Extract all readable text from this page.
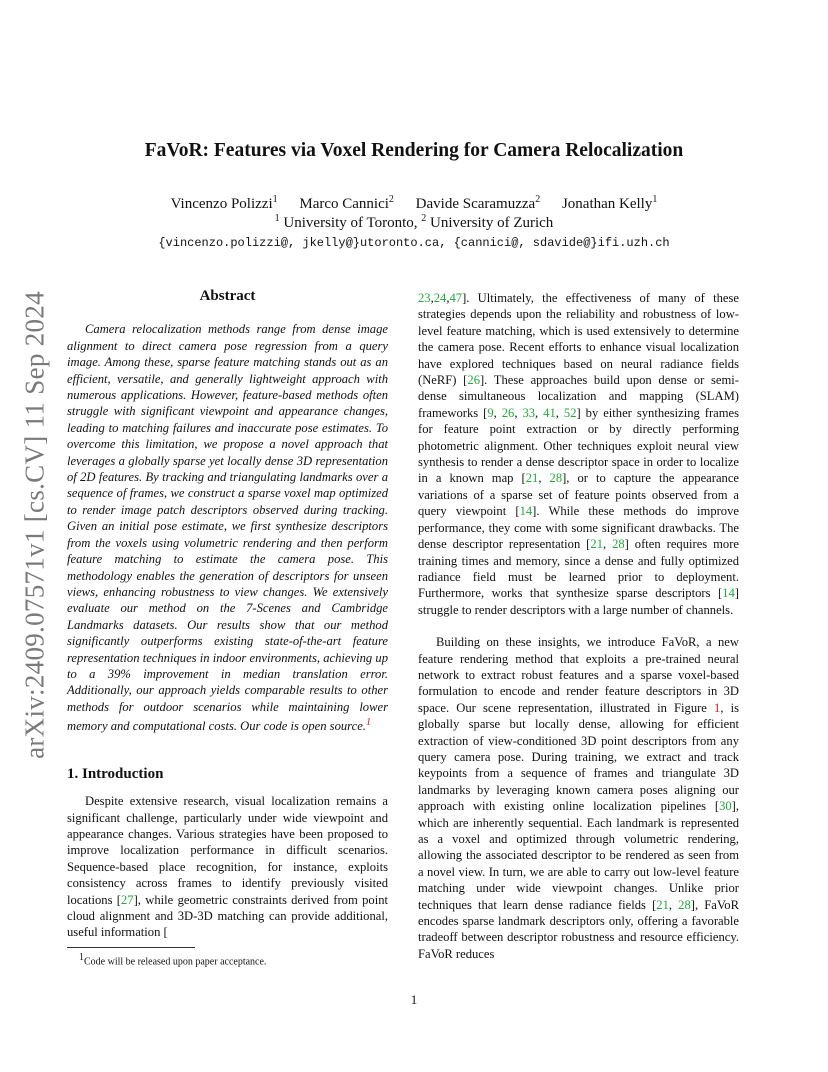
FaVoR: Features via Voxel Rendering for Camera Relocalization
Vincenzo Polizzi$^1$ Marco Cannici$^2$ Davide Scaramuzza$^2$ Jonathan Kelly$^1$
$^1$ University of Toronto, $^2$ University of Zurich
{vincenzo.polizzi@, jkelly@}utoronto.ca, {cannici@, sdavide@}ifi.uzh.ch
arXiv:2409.07571v1 [cs.CV] 11 Sep 2024	Abstract

Camera relocalization methods range from dense image alignment to direct camera pose regression from a query image. Among these, sparse feature matching stands out as an efficient, versatile, and generally lightweight approach with numerous applications. However, feature-based methods often struggle with significant viewpoint and appearance changes, leading to matching failures and inaccurate pose estimates. To overcome this limitation, we propose a novel approach that leverages a globally sparse yet locally dense 3D representation of 2D features. By tracking and triangulating landmarks over a sequence of frames, we construct a sparse voxel map optimized to render image patch descriptors observed during tracking. Given an initial pose estimate, we first synthesize descriptors from the voxels using volumetric rendering and then perform feature matching to estimate the camera pose. This methodology enables the generation of descriptors for unseen views, enhancing robustness to view changes. We extensively evaluate our method on the 7-Scenes and Cambridge Landmarks datasets. Our results show that our method significantly outperforms existing state-of-the-art feature representation techniques in indoor environments, achieving up to a 39% improvement in median translation error. Additionally, our approach yields comparable results to other methods for outdoor scenarios while maintaining lower memory and computational costs. Our code is open source.$^1$

1. Introduction

Despite extensive research, visual localization remains a significant challenge, particularly under wide viewpoint and appearance changes. Various strategies have been proposed to improve localization performance in difficult scenarios. Sequence-based place recognition, for instance, exploits consistency across frames to identify previously visited locations [27], while geometric constraints derived from point cloud alignment and 3D-3D matching can provide additional, useful information [

23,24,47]. Ultimately, the effectiveness of many of these strategies depends upon the reliability and robustness of low-level feature matching, which is used extensively to determine the camera pose. Recent efforts to enhance visual localization have explored techniques based on neural radiance fields (NeRF) [26]. These approaches build upon dense or semi-dense simultaneous localization and mapping (SLAM) frameworks [9, 26, 33, 41, 52] by either synthesizing frames for feature point extraction or by directly performing photometric alignment. Other techniques exploit neural view synthesis to render a dense descriptor space in order to localize in a known map [21, 28], or to capture the appearance variations of a sparse set of feature points observed from a query viewpoint [14]. While these methods do improve performance, they come with some significant drawbacks. The dense descriptor representation [21, 28] often requires more training times and memory, since a dense and fully optimized radiance field must be learned prior to deployment. Furthermore, works that synthesize sparse descriptors [14] struggle to render descriptors with a large number of channels.

Building on these insights, we introduce FaVoR, a new feature rendering method that exploits a pre-trained neural network to extract robust features and a sparse voxel-based formulation to encode and render feature descriptors in 3D space. Our scene representation, illustrated in Figure 1, is globally sparse but locally dense, allowing for efficient extraction of view-conditioned 3D point descriptors from any query camera pose. During training, we extract and track keypoints from a sequence of frames and triangulate 3D landmarks by leveraging known camera poses aligning our approach with existing online localization pipelines [30], which are inherently sequential. Each landmark is represented as a voxel and optimized through volumetric rendering, allowing the associated descriptor to be rendered as seen from a novel view. In turn, we are able to carry out low-level feature matching under wide viewpoint changes. Unlike prior techniques that learn dense radiance fields [21, 28], FaVoR encodes sparse landmark descriptors only, offering a favorable tradeoff between descriptor robustness and resource efficiency. FaVoR reduces

$^1$Code will be released upon paper acceptance.
1
